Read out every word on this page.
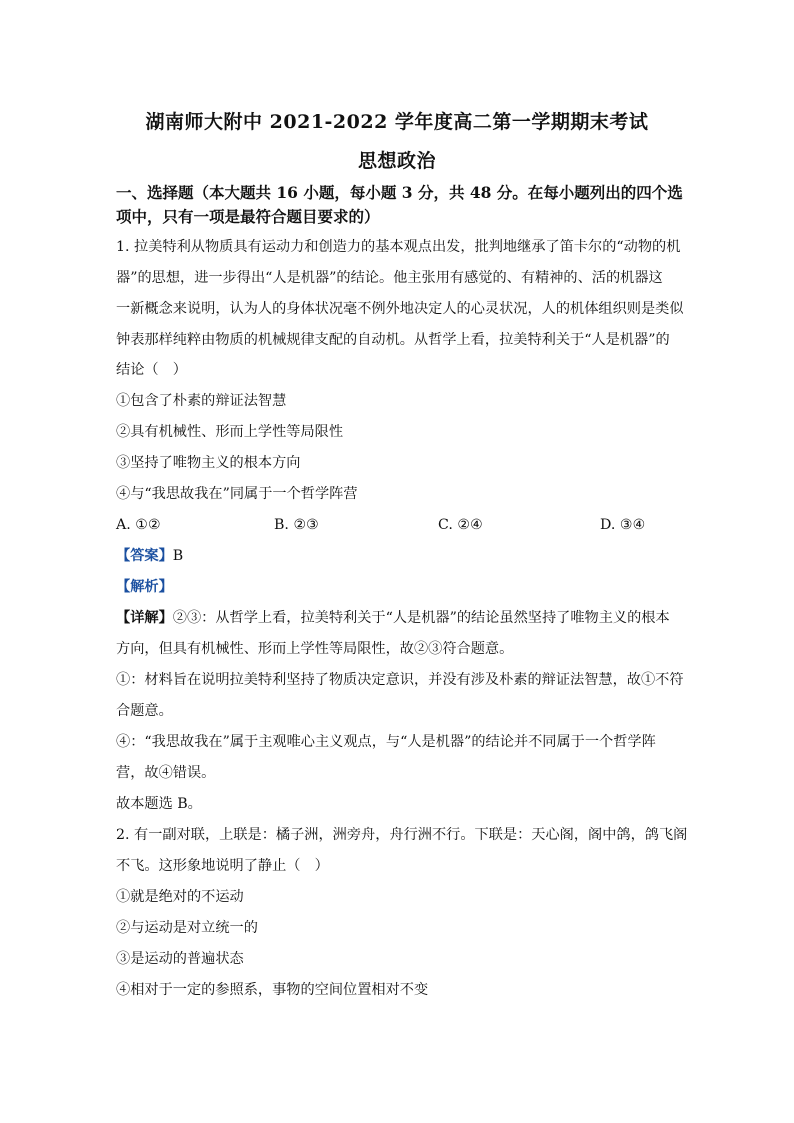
湖南师大附中 2021-2022 学年度高二第一学期期末考试
思想政治
一、选择题（本大题共 16 小题，每小题 3 分，共 48 分。在每小题列出的四个选
项中，只有一项是最符合题目要求的）
1. 拉美特利从物质具有运动力和创造力的基本观点出发，批判地继承了笛卡尔的“动物的机
器”的思想，进一步得出“人是机器”的结论。他主张用有感觉的、有精神的、活的机器这
一新概念来说明，认为人的身体状况毫不例外地决定人的心灵状况，人的机体组织则是类似
钟表那样纯粹由物质的机械规律支配的自动机。从哲学上看，拉美特利关于“人是机器”的
结论（　）
①包含了朴素的辩证法智慧
②具有机械性、形而上学性等局限性
③坚持了唯物主义的根本方向
④与“我思故我在”同属于一个哲学阵营
A. ①②	B. ②③	C. ②④	D. ③④
【答案】B
【解析】
【详解】②③：从哲学上看，拉美特利关于“人是机器”的结论虽然坚持了唯物主义的根本
方向，但具有机械性、形而上学性等局限性，故②③符合题意。
①：材料旨在说明拉美特利坚持了物质决定意识，并没有涉及朴素的辩证法智慧，故①不符
合题意。
④：“我思故我在”属于主观唯心主义观点，与“人是机器”的结论并不同属于一个哲学阵
营，故④错误。
故本题选 B。
2. 有一副对联，上联是：橘子洲，洲旁舟，舟行洲不行。下联是：天心阁，阁中鸽，鸽飞阁
不飞。这形象地说明了静止（　）
①就是绝对的不运动
②与运动是对立统一的
③是运动的普遍状态
④相对于一定的参照系，事物的空间位置相对不变
